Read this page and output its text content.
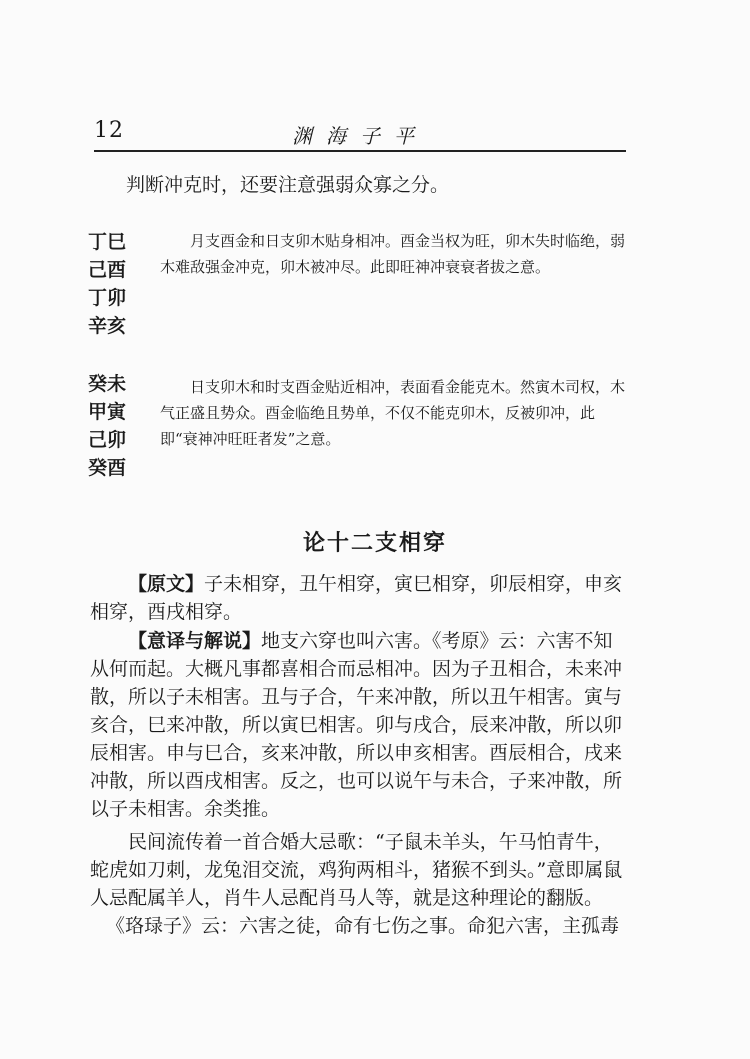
12	渊海子平
判断冲克时，还要注意强弱众寡之分。
丁巳
己酉
丁卯
辛亥

月支酉金和日支卯木贴身相冲。酉金当权为旺，卯木失时临绝，弱木难敌强金冲克，卯木被冲尽。此即旺神冲衰衰者拔之意。

癸未
甲寅
己卯
癸酉

日支卯木和时支酉金贴近相冲，表面看金能克木。然寅木司权，木气正盛且势众。酉金临绝且势单，不仅不能克卯木，反被卯冲，此即“衰神冲旺旺者发”之意。

论十二支相穿

【原文】子未相穿，丑午相穿，寅巳相穿，卯辰相穿，申亥相穿，酉戌相穿。

【意译与解说】地支六穿也叫六害。《考原》云：六害不知从何而起。大概凡事都喜相合而忌相冲。因为子丑相合，未来冲散，所以子未相害。丑与子合，午来冲散，所以丑午相害。寅与亥合，巳来冲散，所以寅巳相害。卯与戌合，辰来冲散，所以卯辰相害。申与巳合，亥来冲散，所以申亥相害。酉辰相合，戌来冲散，所以酉戌相害。反之，也可以说午与未合，子来冲散，所以子未相害。余类推。

民间流传着一首合婚大忌歌：“子鼠未羊头，午马怕青牛，蛇虎如刀刺，龙兔泪交流，鸡狗两相斗，猪猴不到头。”意即属鼠人忌配属羊人，肖牛人忌配肖马人等，就是这种理论的翻版。

《珞琭子》云：六害之徒，命有七伤之事。命犯六害，主孤毒
